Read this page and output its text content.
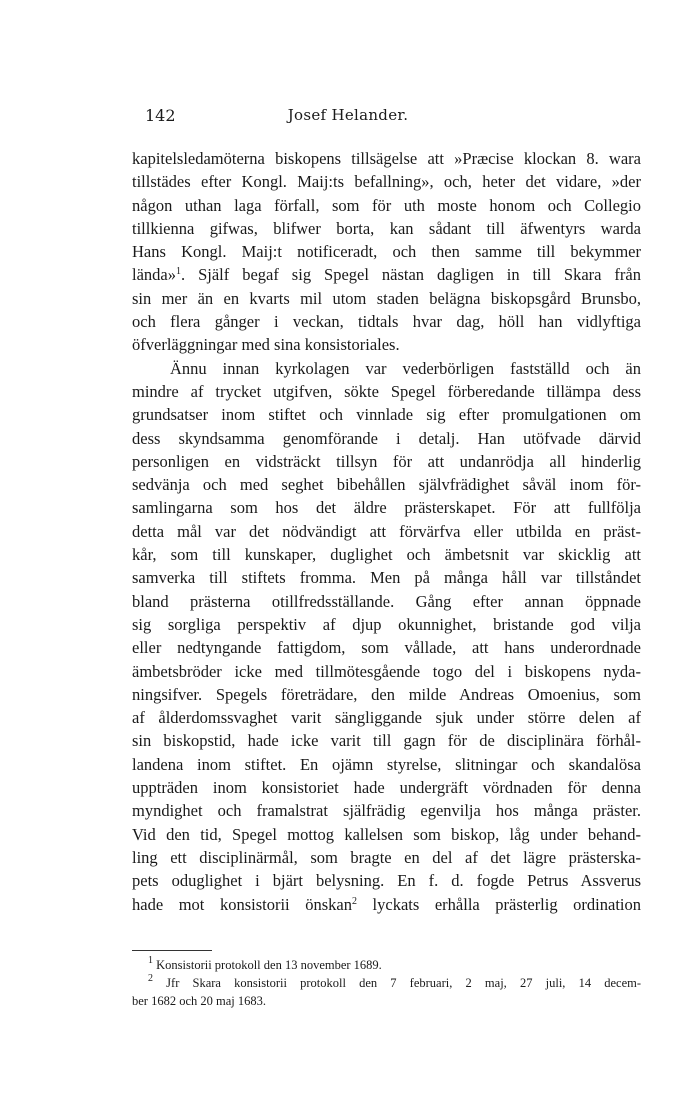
142	Josef Helander.
kapitelsledamöterna biskopens tillsägelse att »Præcise klockan 8. wara
tillstädes efter Kongl. Maij:ts befallning», och, heter det vidare, »der
någon uthan laga förfall, som för uth moste honom och Collegio
tillkienna gifwas, blifwer borta, kan sådant till äfwentyrs warda
Hans Kongl. Maij:t notificeradt, och then samme till bekymmer
lända»$^1$. Själf begaf sig Spegel nästan dagligen in till Skara från
sin mer än en kvarts mil utom staden belägna biskopsgård Brunsbo,
och flera gånger i veckan, tidtals hvar dag, höll han vidlyftiga
öfverläggningar med sina konsistoriales.
Ännu innan kyrkolagen var vederbörligen fastställd och än
mindre af trycket utgifven, sökte Spegel förberedande tillämpa dess
grundsatser inom stiftet och vinnlade sig efter promulgationen om
dess skyndsamma genomförande i detalj. Han utöfvade därvid
personligen en vidsträckt tillsyn för att undanrödja all hinderlig
sedvänja och med seghet bibehållen självfrädighet såväl inom för-
samlingarna som hos det äldre prästerskapet. För att fullfölja
detta mål var det nödvändigt att förvärfva eller utbilda en präst-
kår, som till kunskaper, duglighet och ämbetsnit var skicklig att
samverka till stiftets fromma. Men på många håll var tillståndet
bland prästerna otillfredsställande. Gång efter annan öppnade
sig sorgliga perspektiv af djup okunnighet, bristande god vilja
eller nedtyngande fattigdom, som vållade, att hans underordnade
ämbetsbröder icke med tillmötesgående togo del i biskopens nyda-
ningsifver. Spegels företrädare, den milde Andreas Omoenius, som
af ålderdomssvaghet varit sängliggande sjuk under större delen af
sin biskopstid, hade icke varit till gagn för de disciplinära förhål-
landena inom stiftet. En ojämn styrelse, slitningar och skandalösa
uppträden inom konsistoriet hade undergräft vördnaden för denna
myndighet och framalstrat själfrädig egenvilja hos många präster.
Vid den tid, Spegel mottog kallelsen som biskop, låg under behand-
ling ett disciplinärmål, som bragte en del af det lägre prästerska-
pets oduglighet i bjärt belysning. En f. d. fogde Petrus Assverus
hade mot konsistorii önskan$^2$ lyckats erhålla prästerlig ordination
$^1$ Konsistorii protokoll den 13 november 1689.
$^2$ Jfr Skara konsistorii protokoll den 7 februari, 2 maj, 27 juli, 14 decem-
ber 1682 och 20 maj 1683.
